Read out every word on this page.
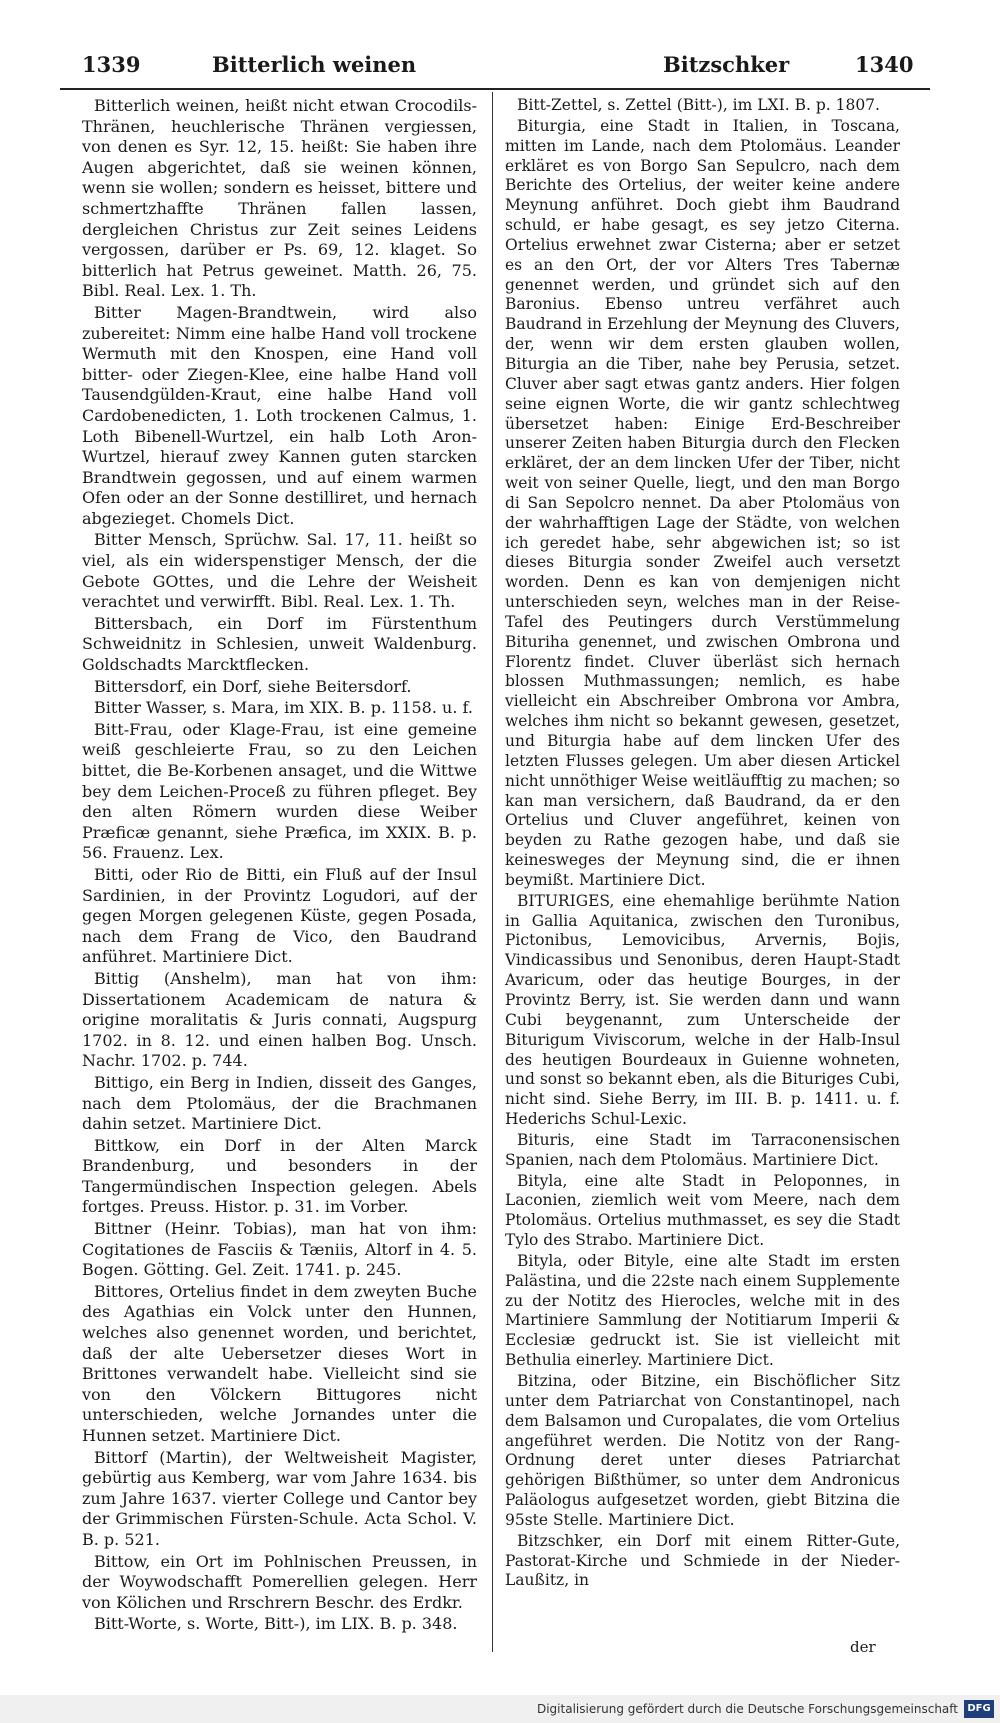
1339	Bitterlich weinen	Bitzschker	1340

Bitterlich weinen, heißt nicht etwan Crocodils-Thränen, heuchlerische Thränen vergiessen, von denen es Syr. 12, 15. heißt: Sie haben ihre Augen abgerichtet, daß sie weinen können, wenn sie wollen; sondern es heisset, bittere und schmertzhaffte Thränen fallen lassen, dergleichen Christus zur Zeit seines Leidens vergossen, darüber er Ps. 69, 12. klaget. So bitterlich hat Petrus geweinet. Matth. 26, 75. Bibl. Real. Lex. 1. Th.

Bitter Magen-Brandtwein, wird also zubereitet: Nimm eine halbe Hand voll trockene Wermuth mit den Knospen, eine Hand voll bitter- oder Ziegen-Klee, eine halbe Hand voll Tausendgülden-Kraut, eine halbe Hand voll Cardobenedicten, 1. Loth trockenen Calmus, 1. Loth Bibenell-Wurtzel, ein halb Loth Aron-Wurtzel, hierauf zwey Kannen guten starcken Brandtwein gegossen, und auf einem warmen Ofen oder an der Sonne destilliret, und hernach abgezieget. Chomels Dict.

Bitter Mensch, Sprüchw. Sal. 17, 11. heißt so viel, als ein widerspenstiger Mensch, der die Gebote GOttes, und die Lehre der Weisheit verachtet und verwirfft. Bibl. Real. Lex. 1. Th.

Bittersbach, ein Dorf im Fürstenthum Schweidnitz in Schlesien, unweit Waldenburg. Goldschadts Marcktflecken.

Bittersdorf, ein Dorf, siehe Beitersdorf.

Bitter Wasser, s. Mara, im XIX. B. p. 1158. u. f.

Bitt-Frau, oder Klage-Frau, ist eine gemeine weiß geschleierte Frau, so zu den Leichen bittet, die Be-Korbenen ansaget, und die Wittwe bey dem Leichen-Proceß zu führen pfleget. Bey den alten Römern wurden diese Weiber Præficæ genannt, siehe Præfica, im XXIX. B. p. 56. Frauenz. Lex.

Bitti, oder Rio de Bitti, ein Fluß auf der Insul Sardinien, in der Provintz Logudori, auf der gegen Morgen gelegenen Küste, gegen Posada, nach dem Frang de Vico, den Baudrand anführet. Martiniere Dict.

Bittig (Anshelm), man hat von ihm: Dissertationem Academicam de natura & origine moralitatis & Juris connati, Augspurg 1702. in 8. 12. und einen halben Bog. Unsch. Nachr. 1702. p. 744.

Bittigo, ein Berg in Indien, disseit des Ganges, nach dem Ptolomäus, der die Brachmanen dahin setzet. Martiniere Dict.

Bittkow, ein Dorf in der Alten Marck Brandenburg, und besonders in der Tangermündischen Inspection gelegen. Abels fortges. Preuss. Histor. p. 31. im Vorber.

Bittner (Heinr. Tobias), man hat von ihm: Cogitationes de Fasciis & Tæniis, Altorf in 4. 5. Bogen. Götting. Gel. Zeit. 1741. p. 245.

Bittores, Ortelius findet in dem zweyten Buche des Agathias ein Volck unter den Hunnen, welches also genennet worden, und berichtet, daß der alte Uebersetzer dieses Wort in Brittones verwandelt habe. Vielleicht sind sie von den Völckern Bittugores nicht unterschieden, welche Jornandes unter die Hunnen setzet. Martiniere Dict.

Bittorf (Martin), der Weltweisheit Magister, gebürtig aus Kemberg, war vom Jahre 1634. bis zum Jahre 1637. vierter College und Cantor bey der Grimmischen Fürsten-Schule. Acta Schol. V. B. p. 521.

Bittow, ein Ort im Pohlnischen Preussen, in der Woywodschafft Pomerellien gelegen. Herr von Kölichen und Rrschrern Beschr. des Erdkr.

Bitt-Worte, s. Worte, Bitt-), im LIX. B. p. 348.

Bitt-Zettel, s. Zettel (Bitt-), im LXI. B. p. 1807.

Biturgia, eine Stadt in Italien, in Toscana, mitten im Lande, nach dem Ptolomäus. Leander erkläret es von Borgo San Sepulcro, nach dem Berichte des Ortelius, der weiter keine andere Meynung anführet. Doch giebt ihm Baudrand schuld, er habe gesagt, es sey jetzo Citerna. Ortelius erwehnet zwar Cisterna; aber er setzet es an den Ort, der vor Alters Tres Tabernæ genennet werden, und gründet sich auf den Baronius. Ebenso untreu verfähret auch Baudrand in Erzehlung der Meynung des Cluvers, der, wenn wir dem ersten glauben wollen, Biturgia an die Tiber, nahe bey Perusia, setzet. Cluver aber sagt etwas gantz anders. Hier folgen seine eignen Worte, die wir gantz schlechtweg übersetzet haben: Einige Erd-Beschreiber unserer Zeiten haben Biturgia durch den Flecken erkläret, der an dem lincken Ufer der Tiber, nicht weit von seiner Quelle, liegt, und den man Borgo di San Sepolcro nennet. Da aber Ptolomäus von der wahrhafftigen Lage der Städte, von welchen ich geredet habe, sehr abgewichen ist; so ist dieses Biturgia sonder Zweifel auch versetzt worden. Denn es kan von demjenigen nicht unterschieden seyn, welches man in der Reise-Tafel des Peutingers durch Verstümmelung Bituriha genennet, und zwischen Ombrona und Florentz findet. Cluver überläst sich hernach blossen Muthmassungen; nemlich, es habe vielleicht ein Abschreiber Ombrona vor Ambra, welches ihm nicht so bekannt gewesen, gesetzet, und Biturgia habe auf dem lincken Ufer des letzten Flusses gelegen. Um aber diesen Artickel nicht unnöthiger Weise weitläufftig zu machen; so kan man versichern, daß Baudrand, da er den Ortelius und Cluver angeführet, keinen von beyden zu Rathe gezogen habe, und daß sie keinesweges der Meynung sind, die er ihnen beymißt. Martiniere Dict.

BITURIGES, eine ehemahlige berühmte Nation in Gallia Aquitanica, zwischen den Turonibus, Pictonibus, Lemovicibus, Arvernis, Bojis, Vindicassibus und Senonibus, deren Haupt-Stadt Avaricum, oder das heutige Bourges, in der Provintz Berry, ist. Sie werden dann und wann Cubi beygenannt, zum Unterscheide der Biturigum Viviscorum, welche in der Halb-Insul des heutigen Bourdeaux in Guienne wohneten, und sonst so bekannt eben, als die Bituriges Cubi, nicht sind. Siehe Berry, im III. B. p. 1411. u. f. Hederichs Schul-Lexic.

Bituris, eine Stadt im Tarraconensischen Spanien, nach dem Ptolomäus. Martiniere Dict.

Bityla, eine alte Stadt in Peloponnes, in Laconien, ziemlich weit vom Meere, nach dem Ptolomäus. Ortelius muthmasset, es sey die Stadt Tylo des Strabo. Martiniere Dict.

Bityla, oder Bityle, eine alte Stadt im ersten Palästina, und die 22ste nach einem Supplemente zu der Notitz des Hierocles, welche mit in des Martiniere Sammlung der Notitiarum Imperii & Ecclesiæ gedruckt ist. Sie ist vielleicht mit Bethulia einerley. Martiniere Dict.

Bitzina, oder Bitzine, ein Bischöflicher Sitz unter dem Patriarchat von Constantinopel, nach dem Balsamon und Curopalates, die vom Ortelius angeführet werden. Die Notitz von der Rang-Ordnung deret unter dieses Patriarchat gehörigen Bißthümer, so unter dem Andronicus Paläologus aufgesetzet worden, giebt Bitzina die 95ste Stelle. Martiniere Dict.

Bitzschker, ein Dorf mit einem Ritter-Gute, Pastorat-Kirche und Schmiede in der Nieder-Laußitz, in

der
Digitalisierung gefördert durch die Deutsche Forschungsgemeinschaft DFG
